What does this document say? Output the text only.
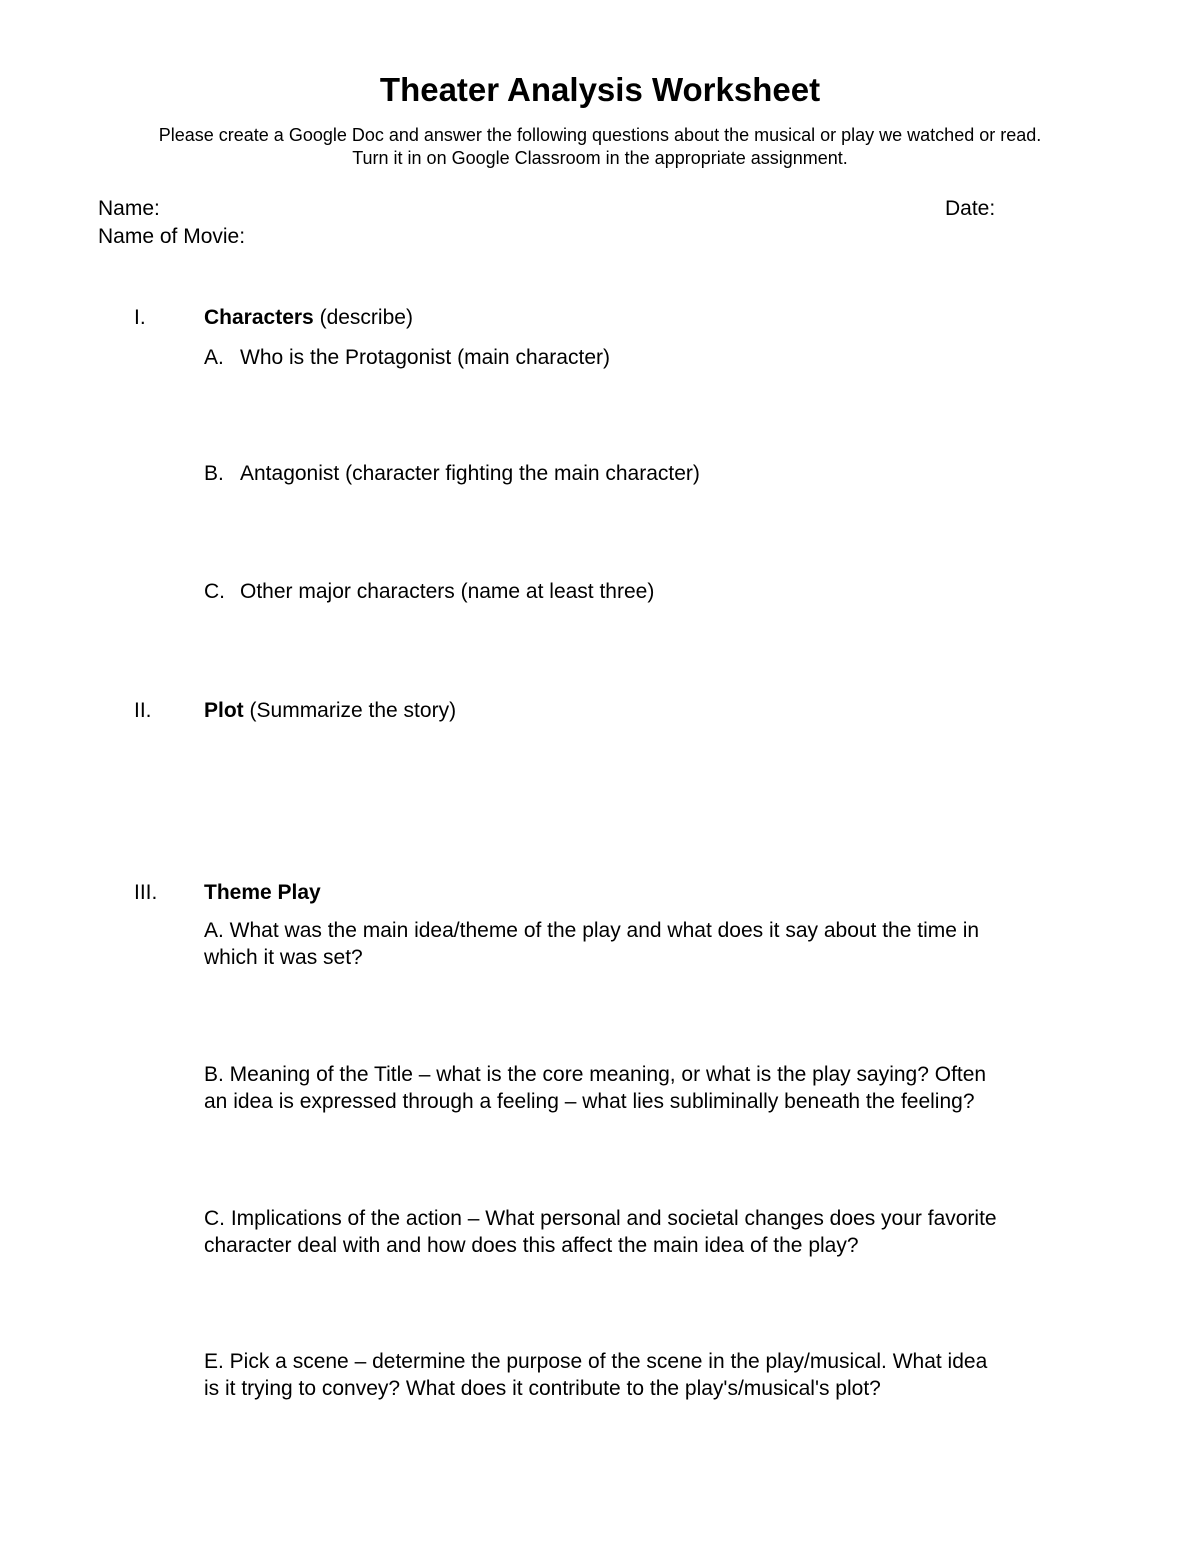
Theater Analysis Worksheet
Please create a Google Doc and answer the following questions about the musical or play we watched or read.
Turn it in on Google Classroom in the appropriate assignment.
Name:	Date:
Name of Movie:
I.	Characters (describe)
A. Who is the Protagonist (main character)
B. Antagonist (character fighting the main character)
C. Other major characters (name at least three)
II. Plot (Summarize the story)
III. Theme Play
A. What was the main idea/theme of the play and what does it say about the time in
which it was set?
B. Meaning of the Title – what is the core meaning, or what is the play saying? Often
an idea is expressed through a feeling – what lies subliminally beneath the feeling?
C. Implications of the action – What personal and societal changes does your favorite
character deal with and how does this affect the main idea of the play?
E. Pick a scene – determine the purpose of the scene in the play/musical. What idea
is it trying to convey? What does it contribute to the play's/musical's plot?
